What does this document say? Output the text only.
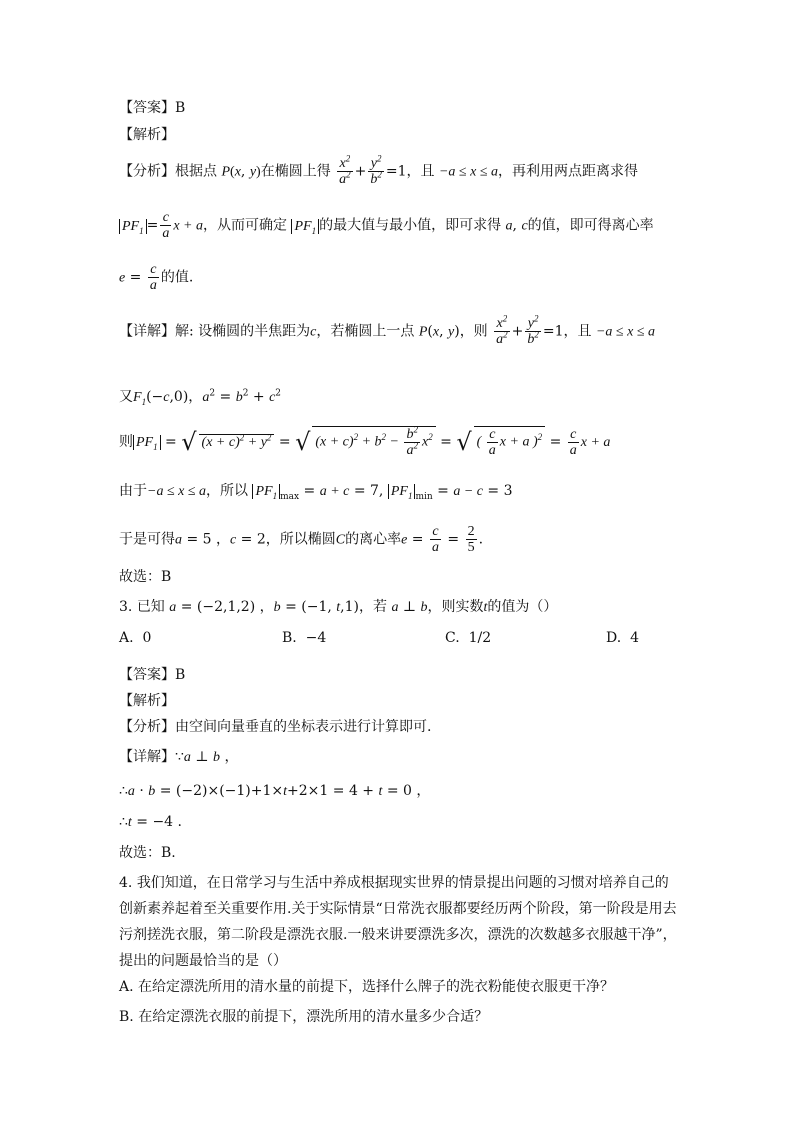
【答案】B
【解析】
【分析】根据点 P(x, y)在椭圆上得 $\frac{x^2}{a^2} + \frac{y^2}{b^2} =1$，且 −a ≤ x ≤ a，再利用两点距离求得
$PF_1 = \frac{c}{a}$ x + a，从而可确定 $PF_1$ 的最大值与最小值，即可求得 a, c的值，即可得离心率
$e = \frac{c}{a}$ 的值.
【详解】解: 设椭圆的半焦距为c，若椭圆上一点 P(x, y)，则 $\frac{x^2}{a^2} + \frac{y^2}{b^2} =1$，且 −a ≤ x ≤ a
又$F_1(-c,0)$，$a^2 = b^2 + c^2$
则 $PF_1$ = √ $(x + c)^2 + y^2$ = √ $(x + c)^2 + b^2 - \frac{b^2}{a^2} x^2$ = √ ( $\frac{c}{a}$ x + a )$^2 = \frac{c}{a}$ x + a
由于−a ≤ x ≤ a，所以 $PF_1$ $_{max}$ = a + c = 7, $PF_1$ $_{min}$ = a − c = 3
于是可得a = 5 ，c = 2，所以椭圆C的离心率$e = \frac{c}{a} = \frac{2}{5}$ .
故选：B
3. 已知 a = (−2,1,2) ，b = (−1, t,1)，若 a ⊥ b，则实数t的值为（）
A. 0	B. −4	C. 1/2	D. 4
【答案】B
【解析】
【分析】由空间向量垂直的坐标表示进行计算即可.
【详解】∵a ⊥ b ，
∴a · b = (−2)×(−1)+1×t+2×1 = 4 + t = 0 ，
∴t = −4 .
故选：B.
4. 我们知道，在日常学习与生活中养成根据现实世界的情景提出问题的习惯对培养自己的
创新素养起着至关重要作用.关于实际情景“日常洗衣服都要经历两个阶段，第一阶段是用去
污剂搓洗衣服，第二阶段是漂洗衣服.一般来讲要漂洗多次，漂洗的次数越多衣服越干净”，
提出的问题最恰当的是（）
A. 在给定漂洗所用的清水量的前提下，选择什么牌子的洗衣粉能使衣服更干净？
B. 在给定漂洗衣服的前提下，漂洗所用的清水量多少合适？
